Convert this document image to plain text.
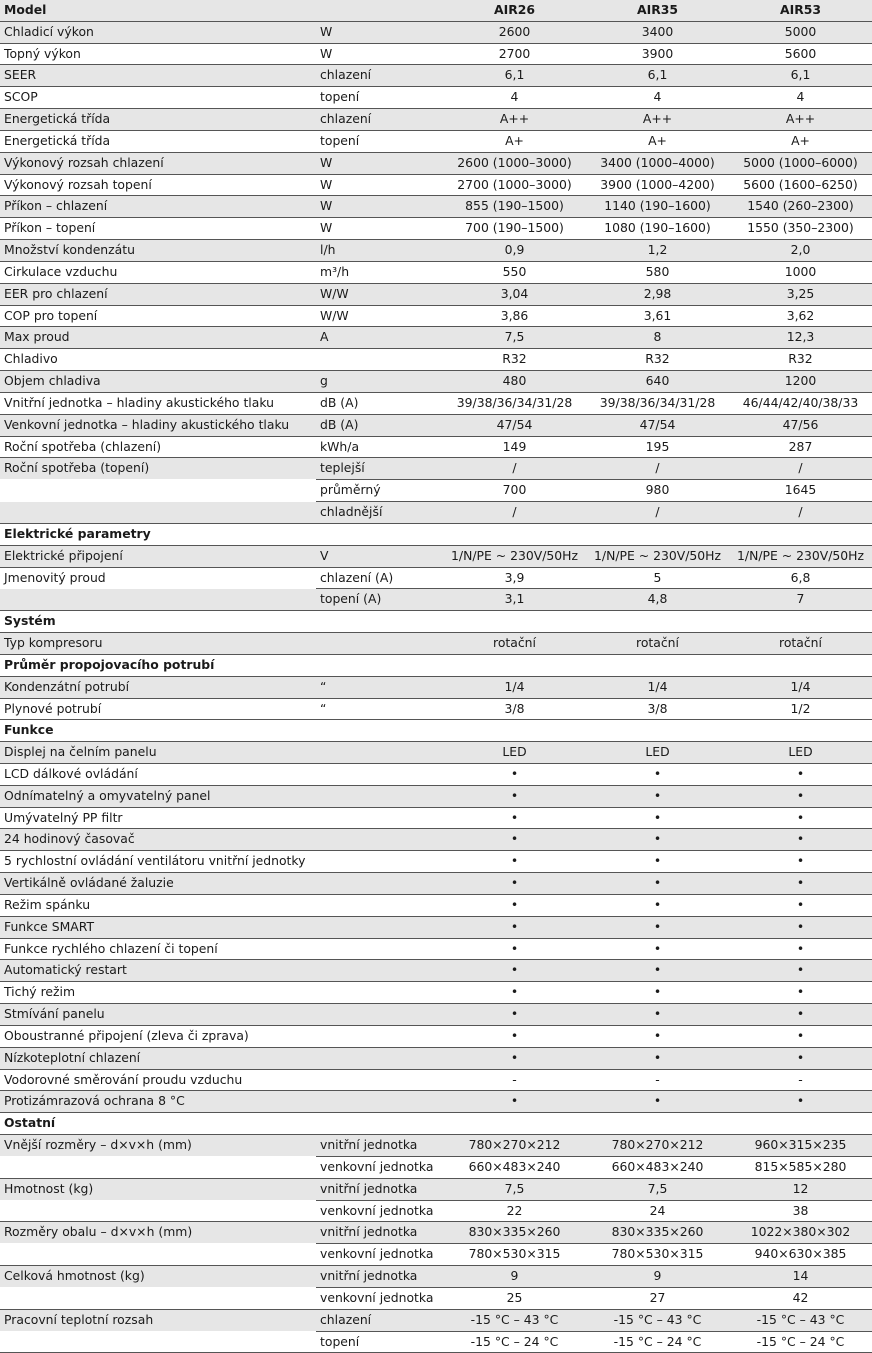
Model		AIR26	AIR35	AIR53
Chladicí výkon	W	2600	3400	5000
Topný výkon	W	2700	3900	5600
SEER	chlazení	6,1	6,1	6,1
SCOP	topení	4	4	4
Energetická třída	chlazení	A++	A++	A++
Energetická třída	topení	A+	A+	A+
Výkonový rozsah chlazení	W	2600 (1000–3000)	3400 (1000–4000)	5000 (1000–6000)
Výkonový rozsah topení	W	2700 (1000–3000)	3900 (1000–4200)	5600 (1600–6250)
Příkon – chlazení	W	855 (190–1500)	1140 (190–1600)	1540 (260–2300)
Příkon – topení	W	700 (190–1500)	1080 (190–1600)	1550 (350–2300)
Množství kondenzátu	l/h	0,9	1,2	2,0
Cirkulace vzduchu	m³/h	550	580	1000
EER pro chlazení	W/W	3,04	2,98	3,25
COP pro topení	W/W	3,86	3,61	3,62
Max proud	A	7,5	8	12,3
Chladivo		R32	R32	R32
Objem chladiva	g	480	640	1200
Vnitřní jednotka – hladiny akustického tlaku	dB (A)	39/38/36/34/31/28	39/38/36/34/31/28	46/44/42/40/38/33
Venkovní jednotka – hladiny akustického tlaku	dB (A)	47/54	47/54	47/56
Roční spotřeba (chlazení)	kWh/a	149	195	287
Roční spotřeba (topení)	teplejší	/	/	/
	průměrný	700	980	1645
	chladnější	/	/	/
Elektrické parametry				
Elektrické připojení	V	1/N/PE ~ 230V/50Hz	1/N/PE ~ 230V/50Hz	1/N/PE ~ 230V/50Hz
Jmenovitý proud	chlazení (A)	3,9	5	6,8
	topení (A)	3,1	4,8	7
Systém				
Typ kompresoru		rotační	rotační	rotační
Průměr propojovacího potrubí				
Kondenzátní potrubí	“	1/4	1/4	1/4
Plynové potrubí	“	3/8	3/8	1/2
Funkce				
Displej na čelním panelu		LED	LED	LED
LCD dálkové ovládání		•	•	•
Odnímatelný a omyvatelný panel		•	•	•
Umývatelný PP filtr		•	•	•
24 hodinový časovač		•	•	•
5 rychlostní ovládání ventilátoru vnitřní jednotky		•	•	•
Vertikálně ovládané žaluzie		•	•	•
Režim spánku		•	•	•
Funkce SMART		•	•	•
Funkce rychlého chlazení či topení		•	•	•
Automatický restart		•	•	•
Tichý režim		•	•	•
Stmívání panelu		•	•	•
Oboustranné připojení (zleva či zprava)		•	•	•
Nízkoteplotní chlazení		•	•	•
Vodorovné směrování proudu vzduchu		-	-	-
Protizámrazová ochrana 8 °C		•	•	•
Ostatní				
Vnější rozměry – d×v×h (mm)	vnitřní jednotka	780×270×212	780×270×212	960×315×235
	venkovní jednotka	660×483×240	660×483×240	815×585×280
Hmotnost (kg)	vnitřní jednotka	7,5	7,5	12
	venkovní jednotka	22	24	38
Rozměry obalu – d×v×h (mm)	vnitřní jednotka	830×335×260	830×335×260	1022×380×302
	venkovní jednotka	780×530×315	780×530×315	940×630×385
Celková hmotnost (kg)	vnitřní jednotka	9	9	14
	venkovní jednotka	25	27	42
Pracovní teplotní rozsah	chlazení	-15 °C – 43 °C	-15 °C – 43 °C	-15 °C – 43 °C
	topení	-15 °C – 24 °C	-15 °C – 24 °C	-15 °C – 24 °C
